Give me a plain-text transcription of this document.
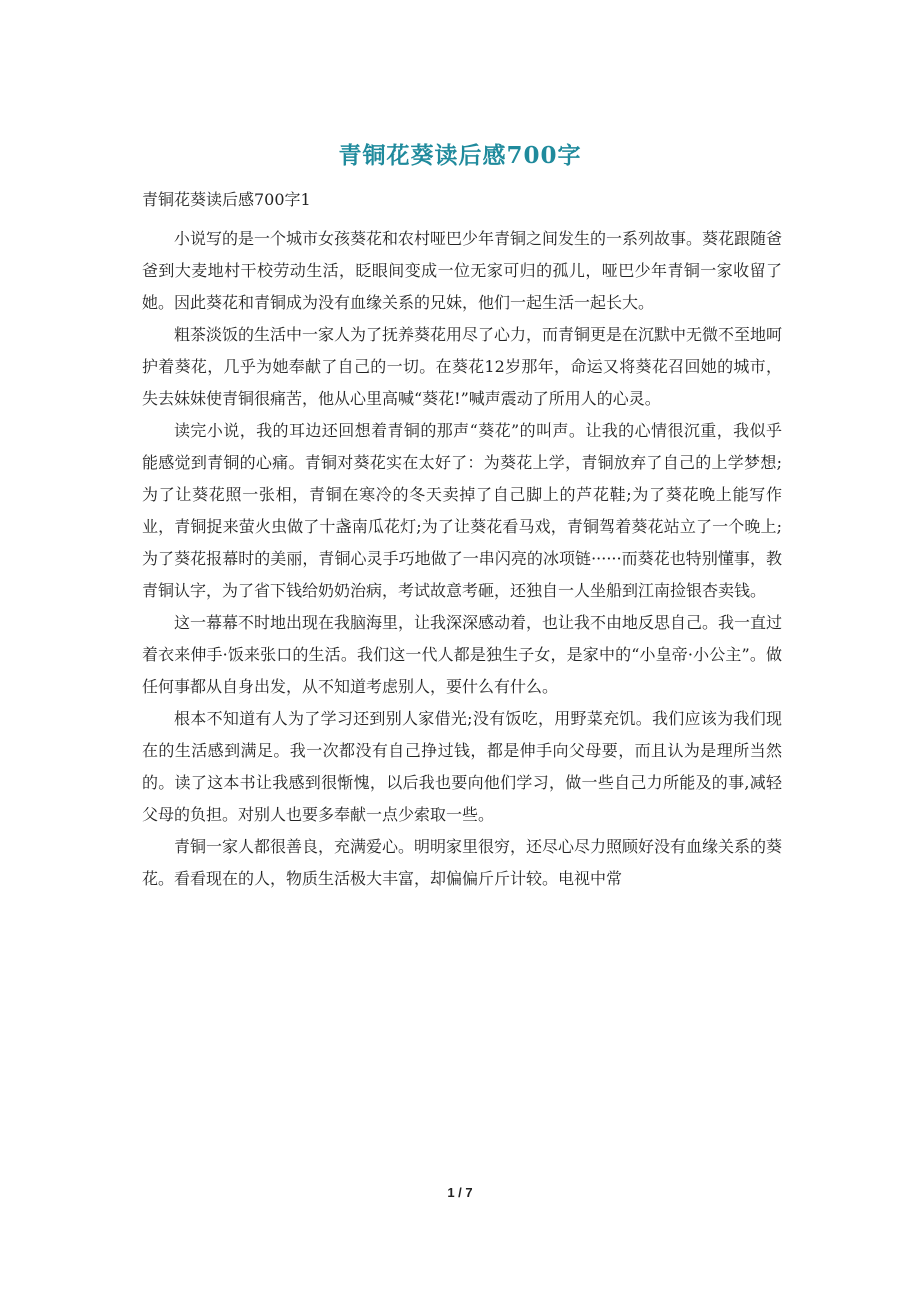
青铜花葵读后感700字
青铜花葵读后感700字1

小说写的是一个城市女孩葵花和农村哑巴少年青铜之间发生的一系列故事。葵花跟随爸爸到大麦地村干校劳动生活，眨眼间变成一位无家可归的孤儿，哑巴少年青铜一家收留了她。因此葵花和青铜成为没有血缘关系的兄妹，他们一起生活一起长大。

粗茶淡饭的生活中一家人为了抚养葵花用尽了心力，而青铜更是在沉默中无微不至地呵护着葵花，几乎为她奉献了自己的一切。在葵花12岁那年，命运又将葵花召回她的城市，失去妹妹使青铜很痛苦，他从心里高喊“葵花!”喊声震动了所用人的心灵。

读完小说，我的耳边还回想着青铜的那声“葵花”的叫声。让我的心情很沉重，我似乎能感觉到青铜的心痛。青铜对葵花实在太好了：为葵花上学，青铜放弃了自己的上学梦想;为了让葵花照一张相，青铜在寒冷的冬天卖掉了自己脚上的芦花鞋;为了葵花晚上能写作业，青铜捉来萤火虫做了十盏南瓜花灯;为了让葵花看马戏，青铜驾着葵花站立了一个晚上;为了葵花报幕时的美丽，青铜心灵手巧地做了一串闪亮的冰项链······而葵花也特别懂事，教青铜认字，为了省下钱给奶奶治病，考试故意考砸，还独自一人坐船到江南捡银杏卖钱。

这一幕幕不时地出现在我脑海里，让我深深感动着，也让我不由地反思自己。我一直过着衣来伸手·饭来张口的生活。我们这一代人都是独生子女，是家中的“小皇帝·小公主”。做任何事都从自身出发，从不知道考虑别人，要什么有什么。

根本不知道有人为了学习还到别人家借光;没有饭吃，用野菜充饥。我们应该为我们现在的生活感到满足。我一次都没有自己挣过钱，都是伸手向父母要，而且认为是理所当然的。读了这本书让我感到很惭愧，以后我也要向他们学习，做一些自己力所能及的事,减轻父母的负担。对别人也要多奉献一点少索取一些。

青铜一家人都很善良，充满爱心。明明家里很穷，还尽心尽力照顾好没有血缘关系的葵花。看看现在的人，物质生活极大丰富，却偏偏斤斤计较。电视中常

1 / 7
